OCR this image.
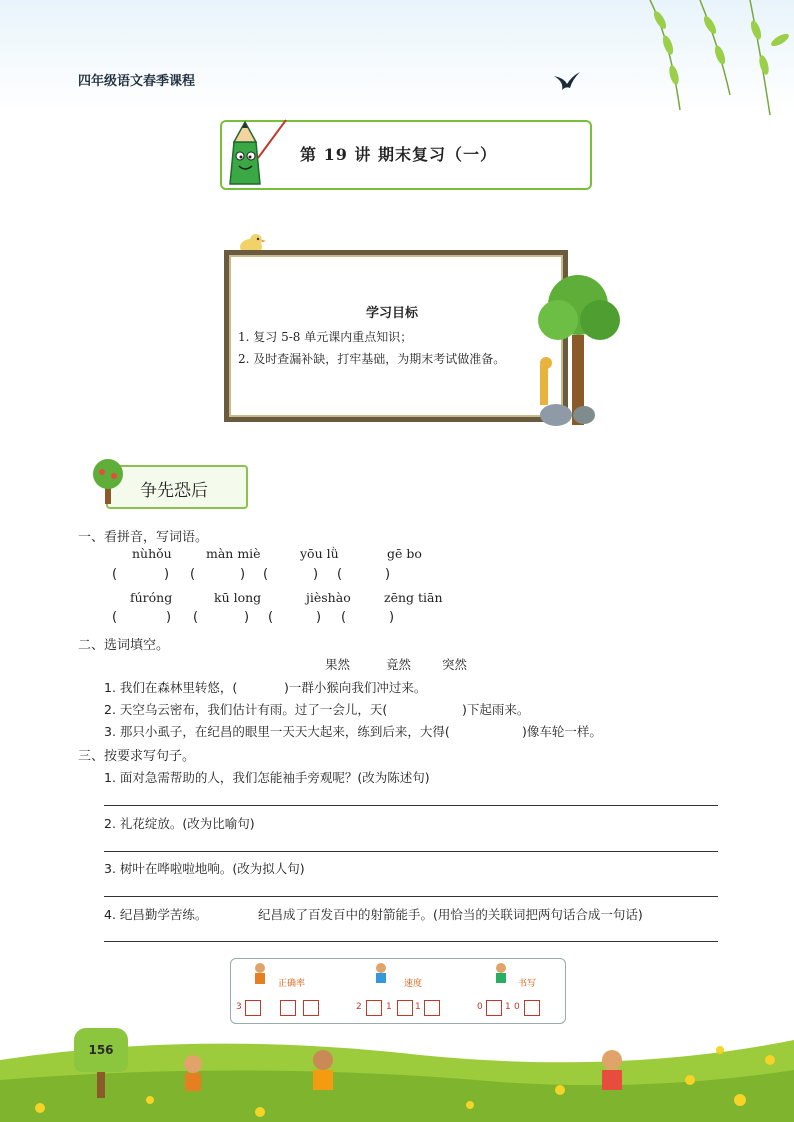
四年级语文春季课程
第 19 讲 期末复习（一）
学习目标
1. 复习 5-8 单元课内重点知识；
2. 及时查漏补缺，打牢基础，为期末考试做准备。
争先恐后
一、看拼音，写词语。
nùhǒu	màn miè	yōu lǜ	gē bo
(	) (	) (	) (	)
fúróng	kū long	jièshào	zēng tiān
(	) (	) (	) (	)
二、选词填空。
果然	竟然 突然
1. 我们在森林里转悠，(	)一群小猴向我们冲过来。
2. 天空乌云密布，我们估计有雨。过了一会儿，天(	)下起雨来。
3. 那只小虱子，在纪昌的眼里一天天大起来，练到后来，大得(	)像车轮一样。
三、按要求写句子。
1. 面对急需帮助的人，我们怎能袖手旁观呢？(改为陈述句)
2. 礼花绽放。(改为比喻句)
3. 树叶在哗啦啦地响。(改为拟人句)
4. 纪昌勤学苦练。	纪昌成了百发百中的射箭能手。(用恰当的关联词把两句话合成一句话)
正确率	速度	书写
3	2	1	1	0 1 0
156
